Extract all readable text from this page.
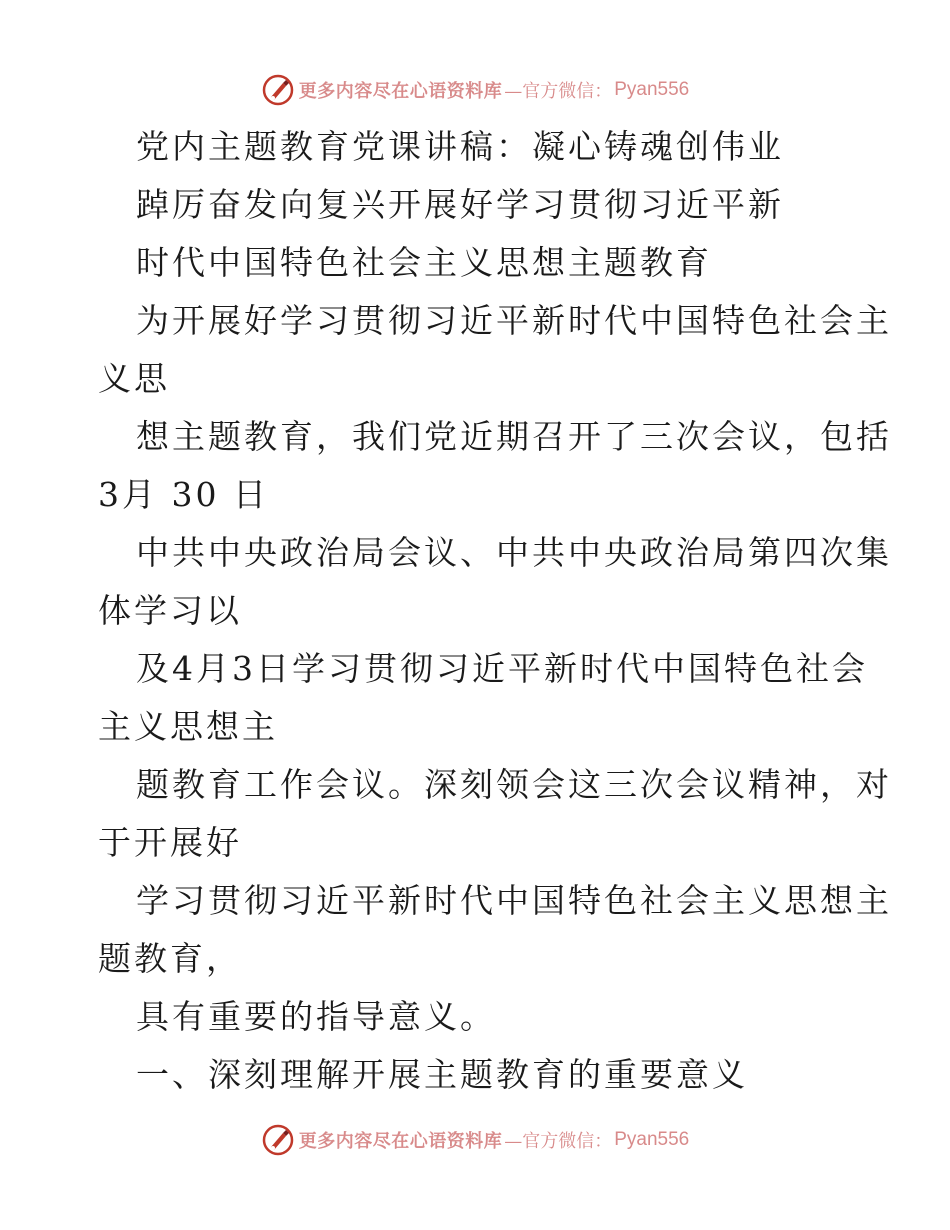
更多内容尽在心语资料库 —官方微信： Pyan556
党内主题教育党课讲稿：凝心铸魂创伟业
踔厉奋发向复兴开展好学习贯彻习近平新
时代中国特色社会主义思想主题教育
为开展好学习贯彻习近平新时代中国特色社会主
义思
想主题教育，我们党近期召开了三次会议，包括
3月 30 日
中共中央政治局会议、中共中央政治局第四次集
体学习以
及4月3日学习贯彻习近平新时代中国特色社会
主义思想主
题教育工作会议。深刻领会这三次会议精神，对
于开展好
学习贯彻习近平新时代中国特色社会主义思想主
题教育，
具有重要的指导意义。
一、深刻理解开展主题教育的重要意义
更多内容尽在心语资料库 —官方微信： Pyan556
